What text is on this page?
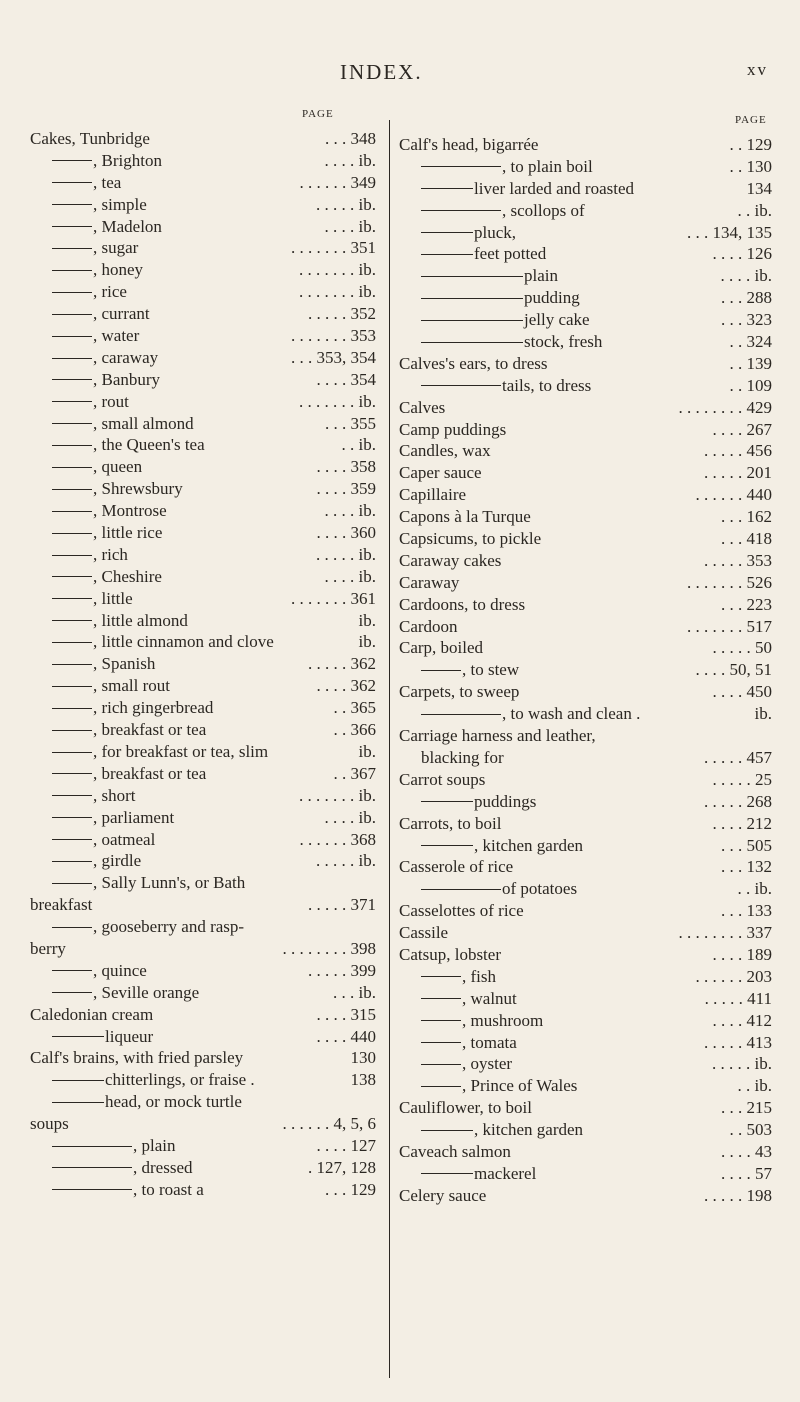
INDEX.	xv
PAGE
Cakes, Tunbridge	. . . 348
, Brighton	. . . . ib.
, tea	. . . . . . 349
, simple	. . . . . ib.
, Madelon	. . . . ib.
, sugar	. . . . . . . 351
, honey	. . . . . . . ib.
, rice	. . . . . . . ib.
, currant	. . . . . 352
, water	. . . . . . . 353
, caraway	. . . 353, 354
, Banbury	. . . . 354
, rout	. . . . . . . ib.
, small almond	. . . 355
, the Queen's tea	. . ib.
, queen	. . . . 358
, Shrewsbury	. . . . 359
, Montrose	. . . . ib.
, little rice	. . . . 360
, rich	. . . . . ib.
, Cheshire	. . . . ib.
, little	. . . . . . . 361
, little almond	ib.
, little cinnamon and clove	ib.
, Spanish	. . . . . 362
, small rout	. . . . 362
, rich gingerbread	. . 365
, breakfast or tea	. . 366
, for breakfast or tea, slim	ib.
, breakfast or tea	. . 367
, short	. . . . . . . ib.
, parliament	. . . . ib.
, oatmeal	. . . . . . 368
, girdle	. . . . . ib.
, Sally Lunn's, or Bath
breakfast	. . . . . 371
, gooseberry and rasp-
berry	. . . . . . . . 398
, quince	. . . . . 399
, Seville orange	. . . ib.
Caledonian cream	. . . . 315
liqueur	. . . . 440
Calf's brains, with fried parsley	130
chitterlings, or fraise .	138
head, or mock turtle
soups	. . . . . . 4, 5, 6
, plain	. . . . 127
, dressed	. 127, 128
, to roast a	. . . 129
PAGE
Calf's head, bigarrée	. . 129
, to plain boil	. . 130
liver larded and roasted	134
, scollops of	. . ib.
pluck,	. . . 134, 135
feet potted	. . . . 126
plain	. . . . ib.
pudding	. . . 288
jelly cake	. . . 323
stock, fresh	. . 324
Calves's ears, to dress	. . 139
tails, to dress	. . 109
Calves	. . . . . . . . 429
Camp puddings	. . . . 267
Candles, wax	. . . . . 456
Caper sauce	. . . . . 201
Capillaire	. . . . . . 440
Capons à la Turque	. . . 162
Capsicums, to pickle	. . . 418
Caraway cakes	. . . . . 353
Caraway	. . . . . . . 526
Cardoons, to dress	. . . 223
Cardoon	. . . . . . . 517
Carp, boiled	. . . . . 50
, to stew	. . . . 50, 51
Carpets, to sweep	. . . . 450
, to wash and clean .	ib.
Carriage harness and leather,
blacking for	. . . . . 457
Carrot soups	. . . . . 25
puddings	. . . . . 268
Carrots, to boil	. . . . 212
, kitchen garden	. . . 505
Casserole of rice	. . . 132
of potatoes	. . ib.
Casselottes of rice	. . . 133
Cassile	. . . . . . . . 337
Catsup, lobster	. . . . 189
, fish	. . . . . . 203
, walnut	. . . . . 411
, mushroom	. . . . 412
, tomata	. . . . . 413
, oyster	. . . . . ib.
, Prince of Wales	. . ib.
Cauliflower, to boil	. . . 215
, kitchen garden	. . 503
Caveach salmon	. . . . 43
mackerel	. . . . 57
Celery sauce	. . . . . 198
